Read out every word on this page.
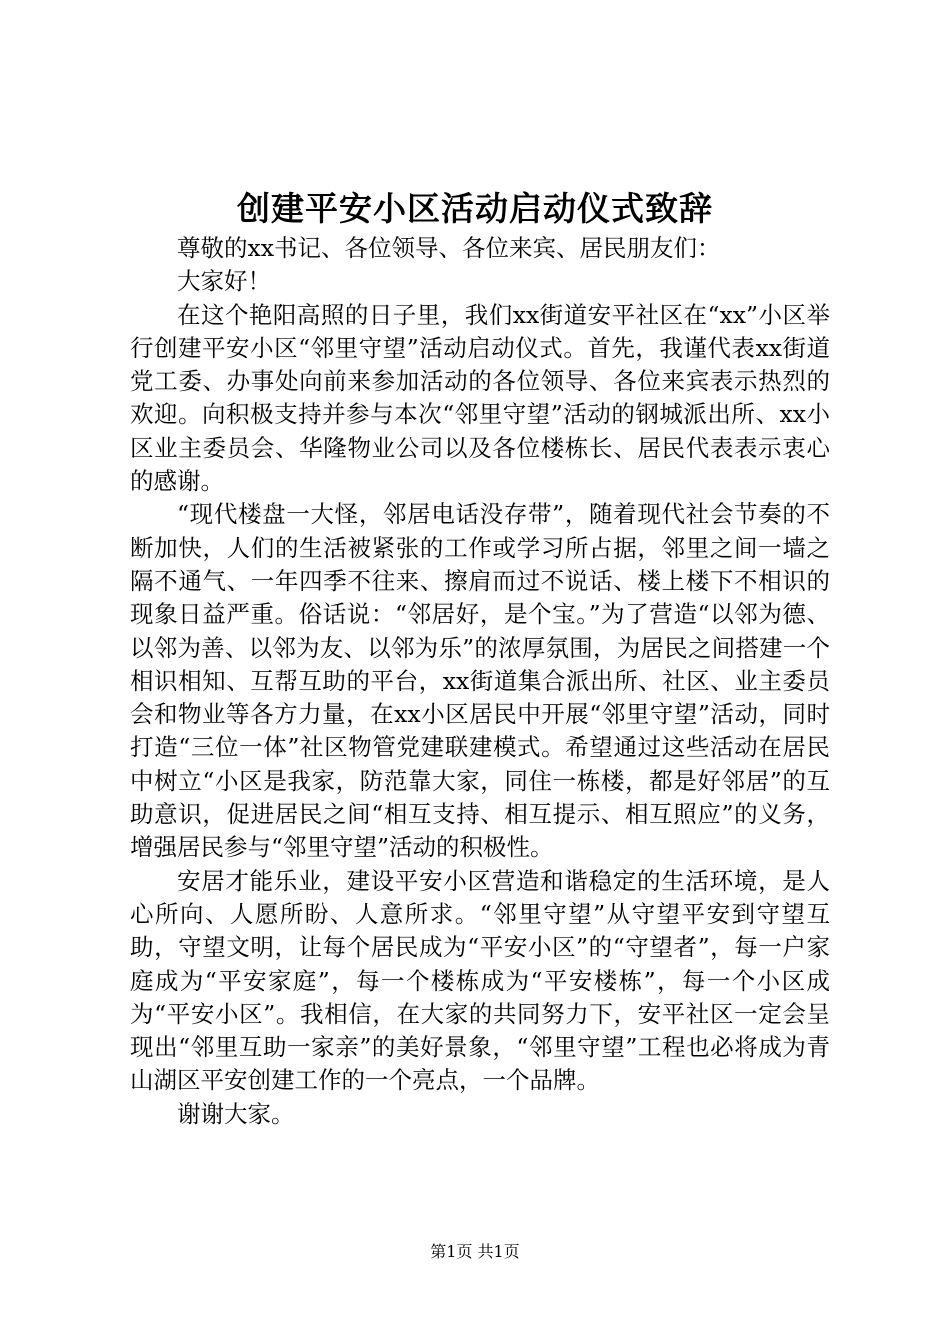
创建平安小区活动启动仪式致辞

尊敬的xx书记、各位领导、各位来宾、居民朋友们：

大家好！

在这个艳阳高照的日子里，我们xx街道安平社区在“xx”小区举行创建平安小区“邻里守望”活动启动仪式。首先，我谨代表xx街道党工委、办事处向前来参加活动的各位领导、各位来宾表示热烈的欢迎。向积极支持并参与本次“邻里守望”活动的钢城派出所、xx小区业主委员会、华隆物业公司以及各位楼栋长、居民代表表示衷心的感谢。

“现代楼盘一大怪，邻居电话没存带”，随着现代社会节奏的不断加快，人们的生活被紧张的工作或学习所占据，邻里之间一墙之隔不通气、一年四季不往来、擦肩而过不说话、楼上楼下不相识的现象日益严重。俗话说：“邻居好，是个宝。”为了营造“以邻为德、以邻为善、以邻为友、以邻为乐”的浓厚氛围，为居民之间搭建一个相识相知、互帮互助的平台，xx街道集合派出所、社区、业主委员会和物业等各方力量，在xx小区居民中开展“邻里守望”活动，同时打造“三位一体”社区物管党建联建模式。希望通过这些活动在居民中树立“小区是我家，防范靠大家，同住一栋楼，都是好邻居”的互助意识，促进居民之间“相互支持、相互提示、相互照应”的义务，增强居民参与“邻里守望”活动的积极性。

安居才能乐业，建设平安小区营造和谐稳定的生活环境，是人心所向、人愿所盼、人意所求。“邻里守望”从守望平安到守望互助，守望文明，让每个居民成为“平安小区”的“守望者”，每一户家庭成为“平安家庭”，每一个楼栋成为“平安楼栋”，每一个小区成为“平安小区”。我相信，在大家的共同努力下，安平社区一定会呈现出“邻里互助一家亲”的美好景象，“邻里守望”工程也必将成为青山湖区平安创建工作的一个亮点，一个品牌。

谢谢大家。

第1页 共1页
